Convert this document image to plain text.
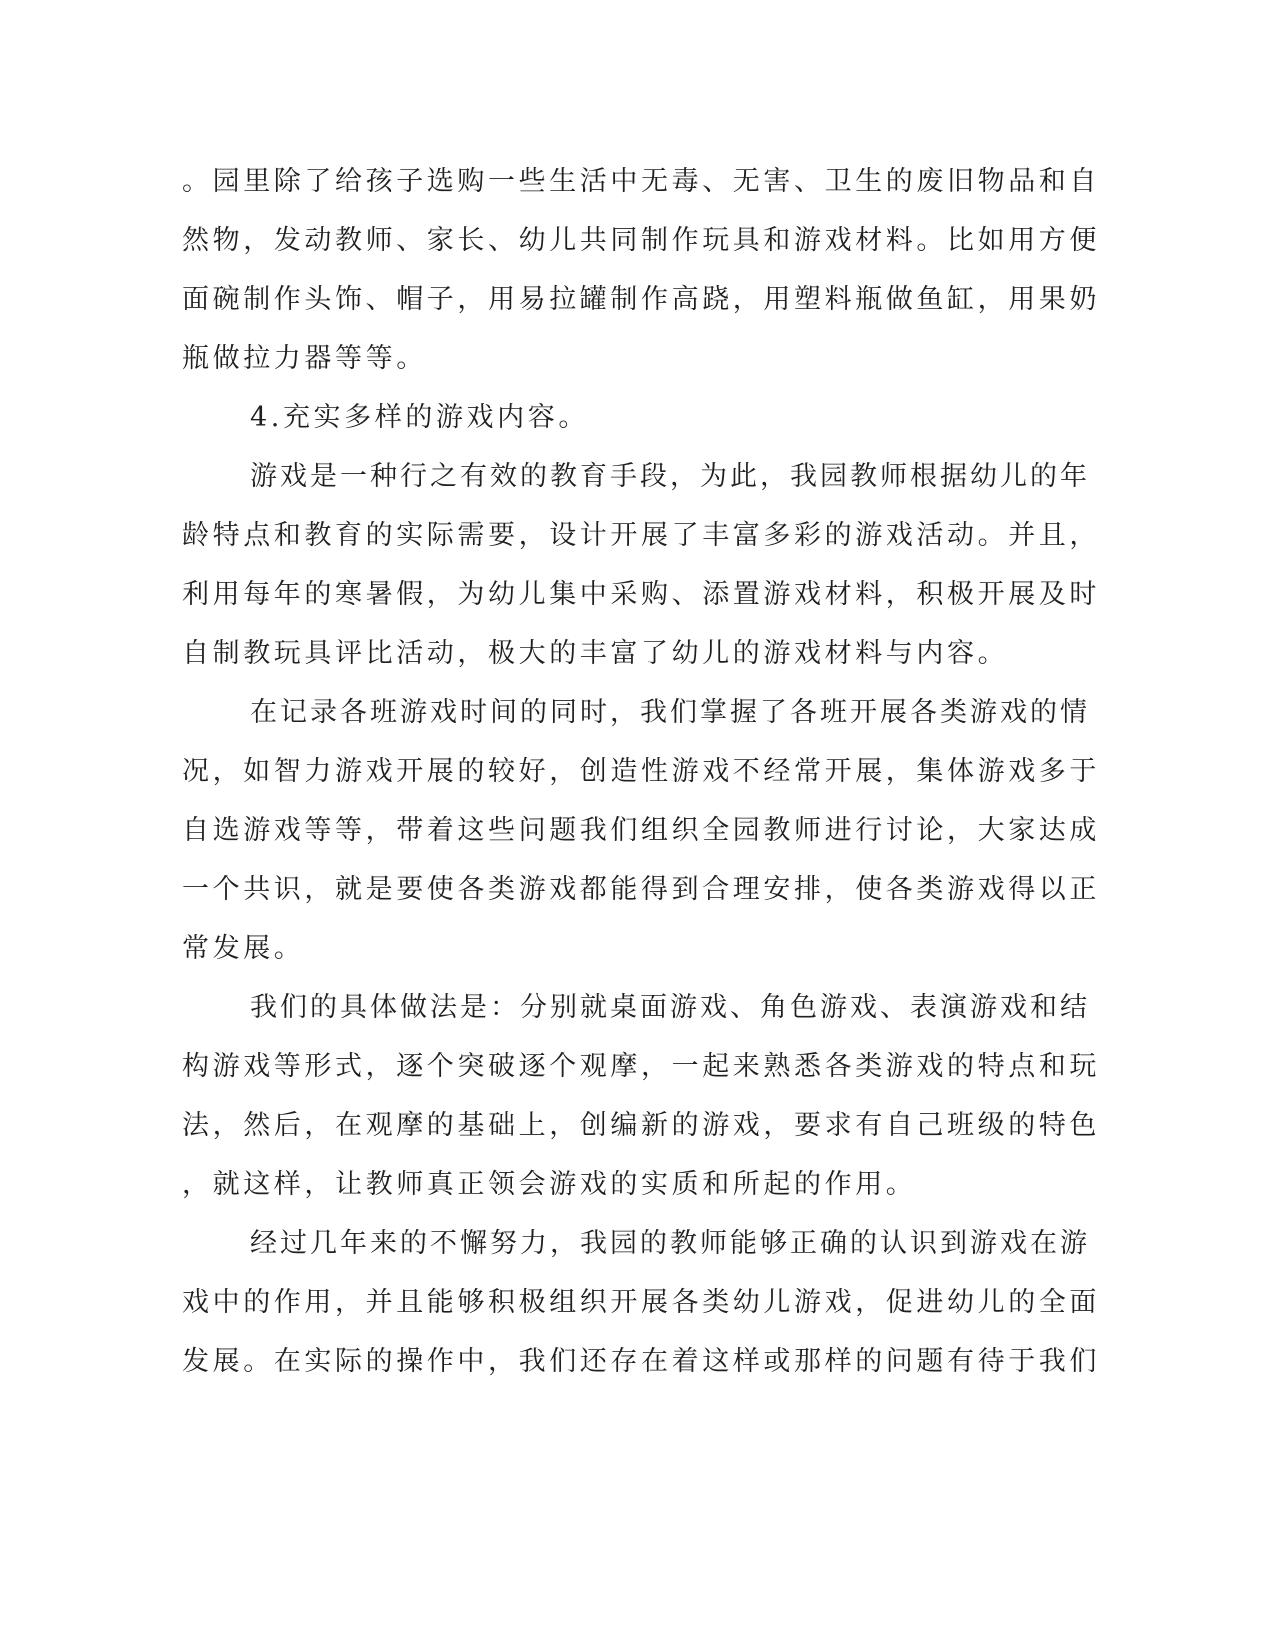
。园里除了给孩子选购一些生活中无毒、无害、卫生的废旧物品和自
然物，发动教师、家长、幼儿共同制作玩具和游戏材料。比如用方便
面碗制作头饰、帽子，用易拉罐制作高跷，用塑料瓶做鱼缸，用果奶
瓶做拉力器等等。
4.充实多样的游戏内容。
游戏是一种行之有效的教育手段，为此，我园教师根据幼儿的年
龄特点和教育的实际需要，设计开展了丰富多彩的游戏活动。并且，
利用每年的寒暑假，为幼儿集中采购、添置游戏材料，积极开展及时
自制教玩具评比活动，极大的丰富了幼儿的游戏材料与内容。
在记录各班游戏时间的同时，我们掌握了各班开展各类游戏的情
况，如智力游戏开展的较好，创造性游戏不经常开展，集体游戏多于
自选游戏等等，带着这些问题我们组织全园教师进行讨论，大家达成
一个共识，就是要使各类游戏都能得到合理安排，使各类游戏得以正
常发展。
我们的具体做法是：分别就桌面游戏、角色游戏、表演游戏和结
构游戏等形式，逐个突破逐个观摩，一起来熟悉各类游戏的特点和玩
法，然后，在观摩的基础上，创编新的游戏，要求有自己班级的特色
，就这样，让教师真正领会游戏的实质和所起的作用。
经过几年来的不懈努力，我园的教师能够正确的认识到游戏在游
戏中的作用，并且能够积极组织开展各类幼儿游戏，促进幼儿的全面
发展。在实际的操作中，我们还存在着这样或那样的问题有待于我们
